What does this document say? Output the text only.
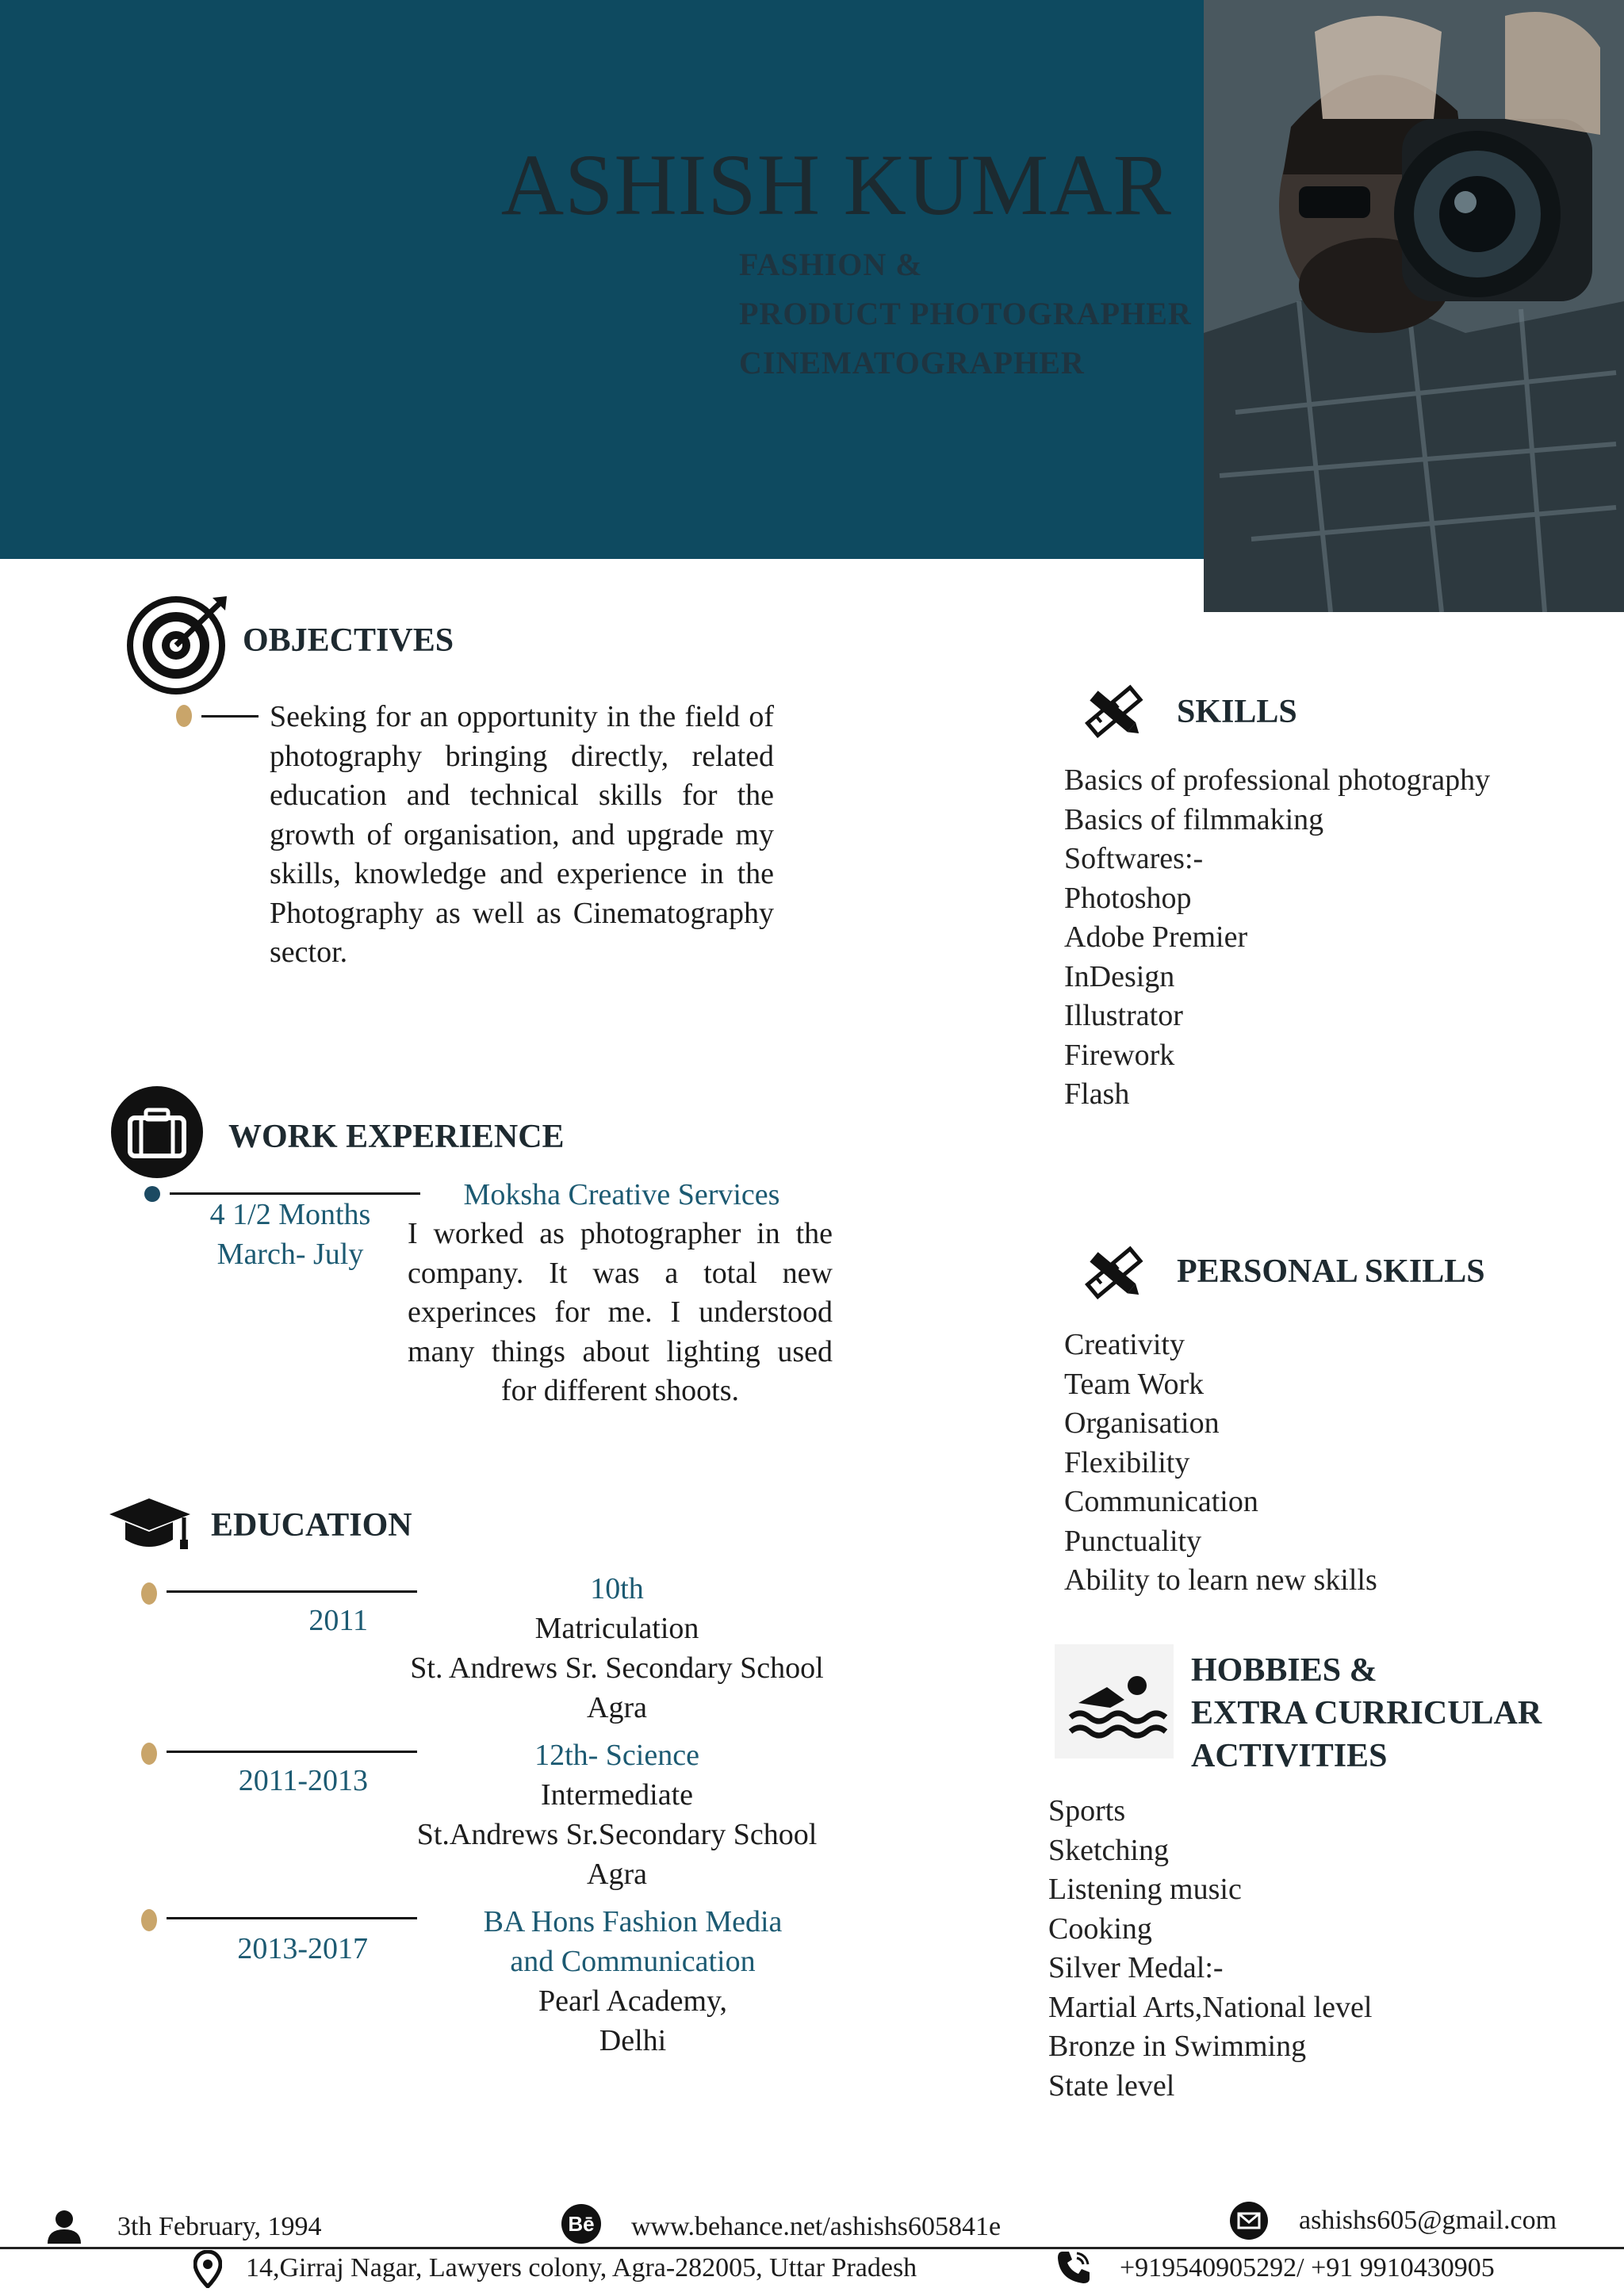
ASHISH KUMAR
FASHION &
PRODUCT PHOTOGRAPHER
CINEMATOGRAPHER
OBJECTIVES
Seeking for an opportunity in the field of photography bringing directly, related education and technical skills for the growth of organisation, and upgrade my skills, knowledge and experience in the Photography as well as Cinematography sector.
WORK EXPERIENCE
4 1/2 Months
March- July
Moksha Creative Services
I worked as photographer in the company. It was a total new experinces for me. I understood many things about lighting used for different shoots.
EDUCATION
2011
10th
Matriculation
St. Andrews Sr. Secondary School
Agra
2011-2013
12th- Science
Intermediate
St.Andrews Sr.Secondary School
Agra
2013-2017
BA Hons Fashion Media
and Communication
Pearl Academy,
Delhi
SKILLS
Basics of professional photography
Basics of filmmaking
Softwares:-
Photoshop
Adobe Premier
InDesign
Illustrator
Firework
Flash
PERSONAL SKILLS
Creativity
Team Work
Organisation
Flexibility
Communication
Punctuality
Ability to learn new skills
HOBBIES &
EXTRA CURRICULAR
ACTIVITIES
Sports
Sketching
Listening music
Cooking
Silver Medal:-
Martial Arts,National level
Bronze in Swimming
State level
3th February, 1994	Bē www.behance.net/ashishs605841e	ashishs605@gmail.com
14,Girraj Nagar, Lawyers colony, Agra-282005, Uttar Pradesh	+919540905292/ +91 9910430905
